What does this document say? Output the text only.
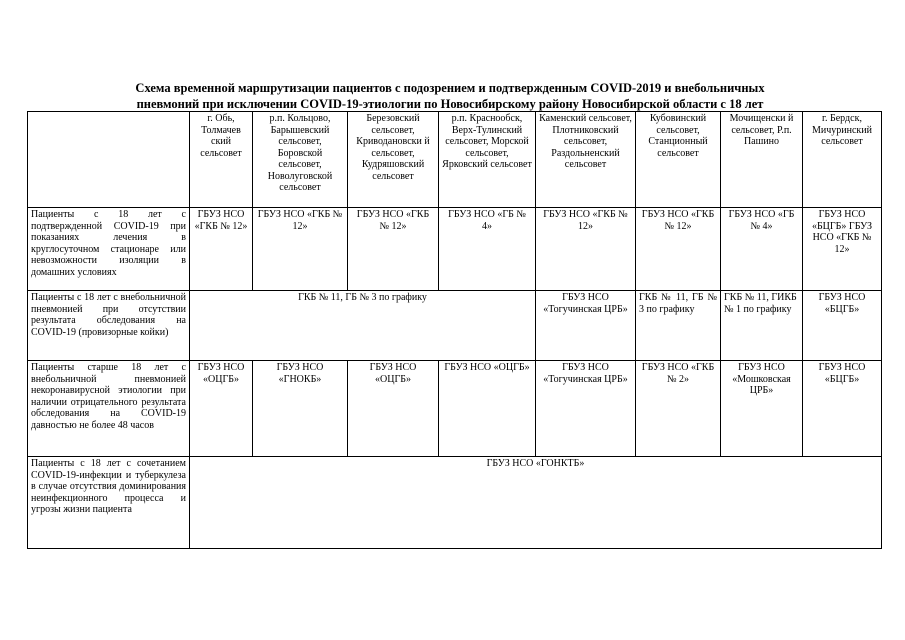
Схема временной маршрутизации пациентов с подозрением и подтвержденным COVID-2019 и внебольничных
пневмоний при исключении COVID-19-этиологии по Новосибирскому району Новосибирской области с 18 лет
	г. Обь, Толмачев ский сельсовет	р.п. Кольцово, Барышевский сельсовет, Боровской сельсовет, Новолуговской сельсовет	Березовский сельсовет, Криводановски й сельсовет, Кудряшовский сельсовет	р.п. Краснообск, Верх-Тулинский сельсовет, Морской сельсовет, Ярковский сельсовет	Каменский сельсовет, Плотниковский сельсовет, Раздольненский сельсовет	Кубовинский сельсовет, Станционный сельсовет	Мочищенски й сельсовет, Р.п. Пашино	г. Бердск, Мичуринский сельсовет
Пациенты с 18 лет с подтвержденной COVID-19 при показаниях лечения в круглосуточном стационаре или невозможности изоляции в домашних условиях	ГБУЗ НСО «ГКБ № 12»	ГБУЗ НСО «ГКБ № 12»	ГБУЗ НСО «ГКБ № 12»	ГБУЗ НСО «ГБ № 4»	ГБУЗ НСО «ГКБ № 12»	ГБУЗ НСО «ГКБ № 12»	ГБУЗ НСО «ГБ № 4»	ГБУЗ НСО «БЦГБ» ГБУЗ НСО «ГКБ № 12»
Пациенты с 18 лет с внебольничной пневмонией при отсутствии результата обследования на COVID-19 (провизорные койки)	ГКБ № 11, ГБ № 3 по графику				ГБУЗ НСО «Тогучинская ЦРБ»	ГКБ № 11, ГБ № 3 по графику	ГКБ № 11, ГИКБ № 1 по графику	ГБУЗ НСО «БЦГБ»
Пациенты старше 18 лет с внебольничной пневмонией некоронавирусной этиологии при наличии отрицательного результата обследования на COVID-19 давностью не более 48 часов	ГБУЗ НСО «ОЦГБ»	ГБУЗ НСО «ГНОКБ»	ГБУЗ НСО «ОЦГБ»	ГБУЗ НСО «ОЦГБ»	ГБУЗ НСО «Тогучинская ЦРБ»	ГБУЗ НСО «ГКБ № 2»	ГБУЗ НСО «Мошковская ЦРБ»	ГБУЗ НСО «БЦГБ»
Пациенты с 18 лет с сочетанием COVID-19-инфекции и туберкулеза в случае отсутствия доминирования неинфекционного процесса и угрозы жизни пациента	ГБУЗ НСО «ГОНКТБ»							
